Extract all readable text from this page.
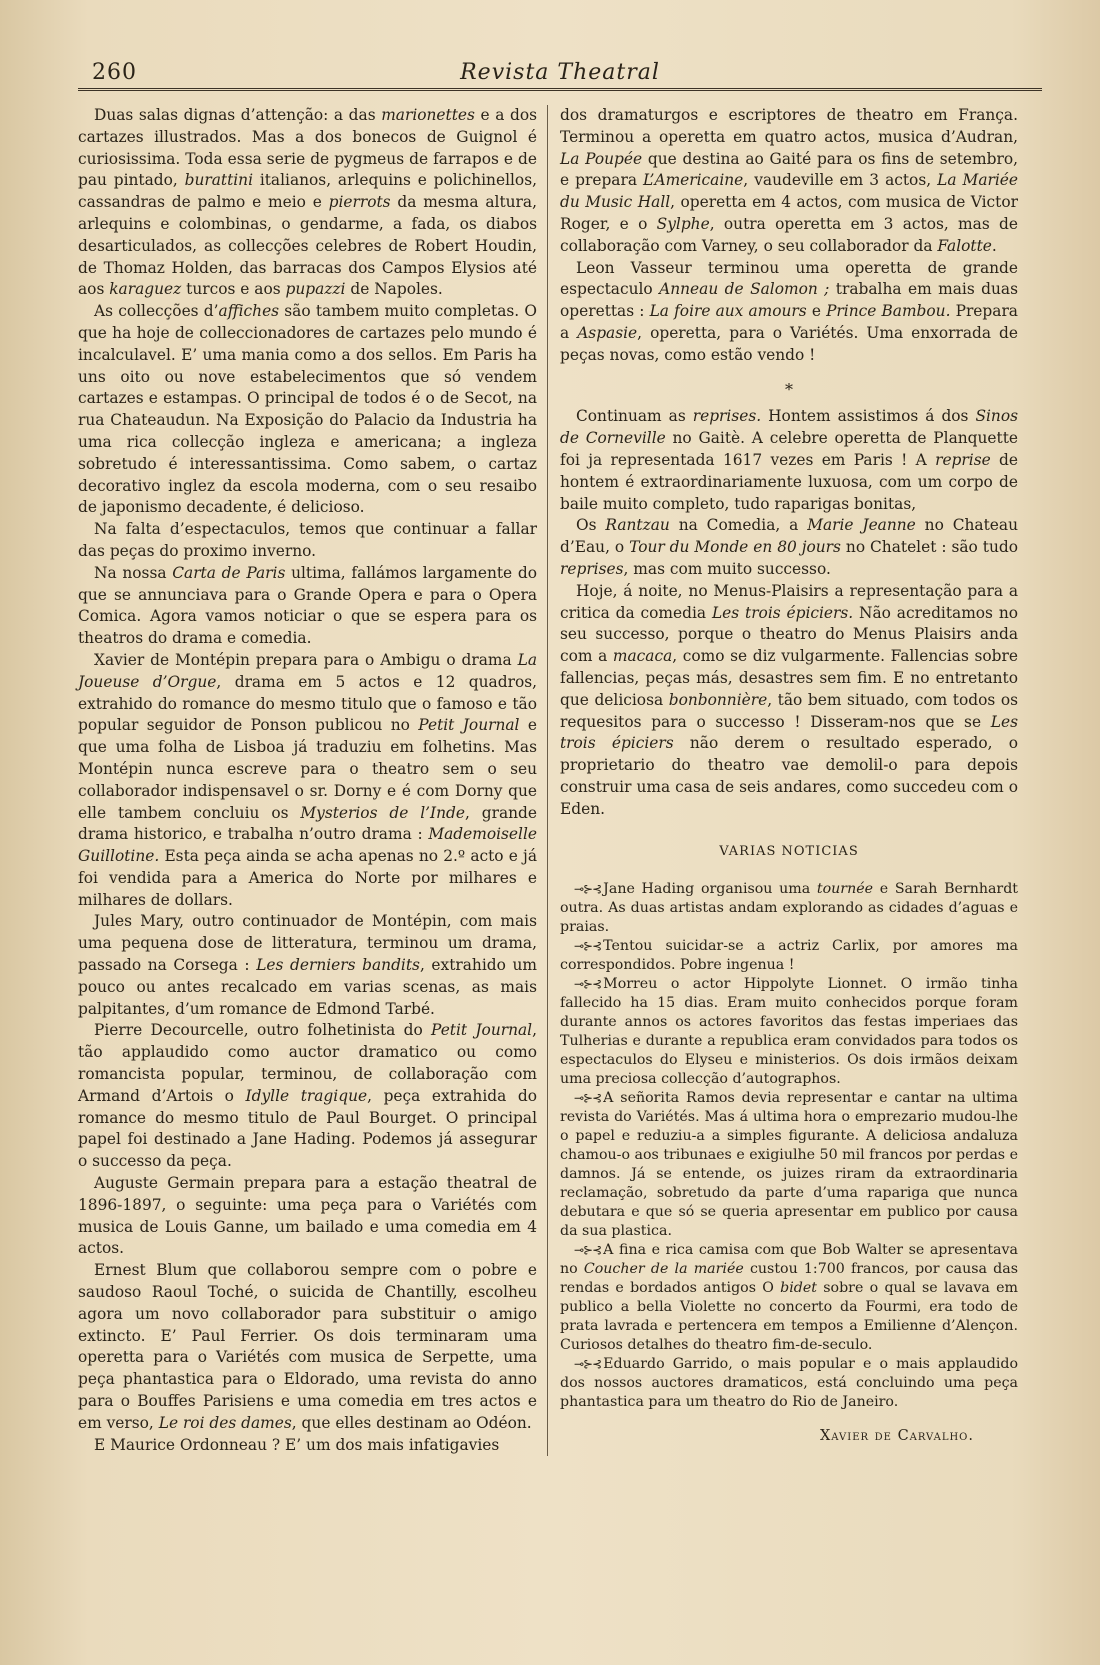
260	Revista Theatral

Duas salas dignas d’attenção: a das marionettes e a dos cartazes illustrados. Mas a dos bonecos de Guignol é curiosissima. Toda essa serie de pygmeus de farrapos e de pau pintado, burattini italianos, arlequins e polichinellos, cassandras de palmo e meio e pierrots da mesma altura, arlequins e colombinas, o gendarme, a fada, os diabos desarticulados, as collecções celebres de Robert Houdin, de Thomaz Holden, das barracas dos Campos Elysios até aos karaguez turcos e aos pupazzi de Napoles.

As collecções d’affiches são tambem muito completas. O que ha hoje de colleccionadores de cartazes pelo mundo é incalculavel. E’ uma mania como a dos sellos. Em Paris ha uns oito ou nove estabelecimentos que só vendem cartazes e estampas. O principal de todos é o de Secot, na rua Chateaudun. Na Exposição do Palacio da Industria ha uma rica collecção ingleza e americana; a ingleza sobretudo é interessantissima. Como sabem, o cartaz decorativo inglez da escola moderna, com o seu resaibo de japonismo decadente, é delicioso.

Na falta d’espectaculos, temos que continuar a fallar das peças do proximo inverno.

Na nossa Carta de Paris ultima, fallámos largamente do que se annunciava para o Grande Opera e para o Opera Comica. Agora vamos noticiar o que se espera para os theatros do drama e comedia.

Xavier de Montépin prepara para o Ambigu o drama La Joueuse d’Orgue, drama em 5 actos e 12 quadros, extrahido do romance do mesmo titulo que o famoso e tão popular seguidor de Ponson publicou no Petit Journal e que uma folha de Lisboa já traduziu em folhetins. Mas Montépin nunca escreve para o theatro sem o seu collaborador indispensavel o sr. Dorny e é com Dorny que elle tambem concluiu os Mysterios de l’Inde, grande drama historico, e trabalha n’outro drama : Mademoiselle Guillotine. Esta peça ainda se acha apenas no 2.º acto e já foi vendida para a America do Norte por milhares e milhares de dollars.

Jules Mary, outro continuador de Montépin, com mais uma pequena dose de litteratura, terminou um drama, passado na Corsega : Les derniers bandits, extrahido um pouco ou antes recalcado em varias scenas, as mais palpitantes, d’um romance de Edmond Tarbé.

Pierre Decourcelle, outro folhetinista do Petit Journal, tão applaudido como auctor dramatico ou como romancista popular, terminou, de collaboração com Armand d’Artois o Idylle tragique, peça extrahida do romance do mesmo titulo de Paul Bourget. O principal papel foi destinado a Jane Hading. Podemos já assegurar o successo da peça.

Auguste Germain prepara para a estação theatral de 1896-1897, o seguinte: uma peça para o Variétés com musica de Louis Ganne, um bailado e uma comedia em 4 actos.

Ernest Blum que collaborou sempre com o pobre e saudoso Raoul Toché, o suicida de Chantilly, escolheu agora um novo collaborador para substituir o amigo extincto. E’ Paul Ferrier. Os dois terminaram uma operetta para o Variétés com musica de Serpette, uma peça phantastica para o Eldorado, uma revista do anno para o Bouffes Parisiens e uma comedia em tres actos e em verso, Le roi des dames, que elles destinam ao Odéon.

E Maurice Ordonneau ? E’ um dos mais infatigavies

dos dramaturgos e escriptores de theatro em França. Terminou a operetta em quatro actos, musica d’Audran, La Poupée que destina ao Gaité para os fins de setembro, e prepara L’Americaine, vaudeville em 3 actos, La Mariée du Music Hall, operetta em 4 actos, com musica de Victor Roger, e o Sylphe, outra operetta em 3 actos, mas de collaboração com Varney, o seu collaborador da Falotte.

Leon Vasseur terminou uma operetta de grande espectaculo Anneau de Salomon ; trabalha em mais duas operettas : La foire aux amours e Prince Bambou. Prepara a Aspasie, operetta, para o Variétés. Uma enxorrada de peças novas, como estão vendo !

*

Continuam as reprises. Hontem assistimos á dos Sinos de Corneville no Gaitè. A celebre operetta de Planquette foi ja representada 1617 vezes em Paris ! A reprise de hontem é extraordinariamente luxuosa, com um corpo de baile muito completo, tudo raparigas bonitas,

Os Rantzau na Comedia, a Marie Jeanne no Chateau d’Eau, o Tour du Monde en 80 jours no Chatelet : são tudo reprises, mas com muito successo.

Hoje, á noite, no Menus-Plaisirs a representação para a critica da comedia Les trois épiciers. Não acreditamos no seu successo, porque o theatro do Menus Plaisirs anda com a macaca, como se diz vulgarmente. Fallencias sobre fallencias, peças más, desastres sem fim. E no entretanto que deliciosa bonbonnière, tão bem situado, com todos os requesitos para o successo ! Disseram-nos que se Les trois épiciers não derem o resultado esperado, o proprietario do theatro vae demolil-o para depois construir uma casa de seis andares, como succedeu com o Eden.

VARIAS NOTICIAS

⊸⊱⊰ Jane Hading organisou uma tournée e Sarah Bernhardt outra. As duas artistas andam explorando as cidades d’aguas e praias.

⊸⊱⊰ Tentou suicidar-se a actriz Carlix, por amores ma correspondidos. Pobre ingenua !

⊸⊱⊰ Morreu o actor Hippolyte Lionnet. O irmão tinha fallecido ha 15 dias. Eram muito conhecidos porque foram durante annos os actores favoritos das festas imperiaes das Tulherias e durante a republica eram convidados para todos os espectaculos do Elyseu e ministerios. Os dois irmãos deixam uma preciosa collecção d’autographos.

⊸⊱⊰ A señorita Ramos devia representar e cantar na ultima revista do Variétés. Mas á ultima hora o emprezario mudou-lhe o papel e reduziu-a a simples figurante. A deliciosa andaluza chamou-o aos tribunaes e exigiulhe 50 mil francos por perdas e damnos. Já se entende, os juizes riram da extraordinaria reclamação, sobretudo da parte d’uma rapariga que nunca debutara e que só se queria apresentar em publico por causa da sua plastica.

⊸⊱⊰ A fina e rica camisa com que Bob Walter se apresentava no Coucher de la mariée custou 1:700 francos, por causa das rendas e bordados antigos O bidet sobre o qual se lavava em publico a bella Violette no concerto da Fourmi, era todo de prata lavrada e pertencera em tempos a Emilienne d’Alençon. Curiosos detalhes do theatro fim-de-seculo.

⊸⊱⊰ Eduardo Garrido, o mais popular e o mais applaudido dos nossos auctores dramaticos, está concluindo uma peça phantastica para um theatro do Rio de Janeiro.

Xavier de Carvalho.
